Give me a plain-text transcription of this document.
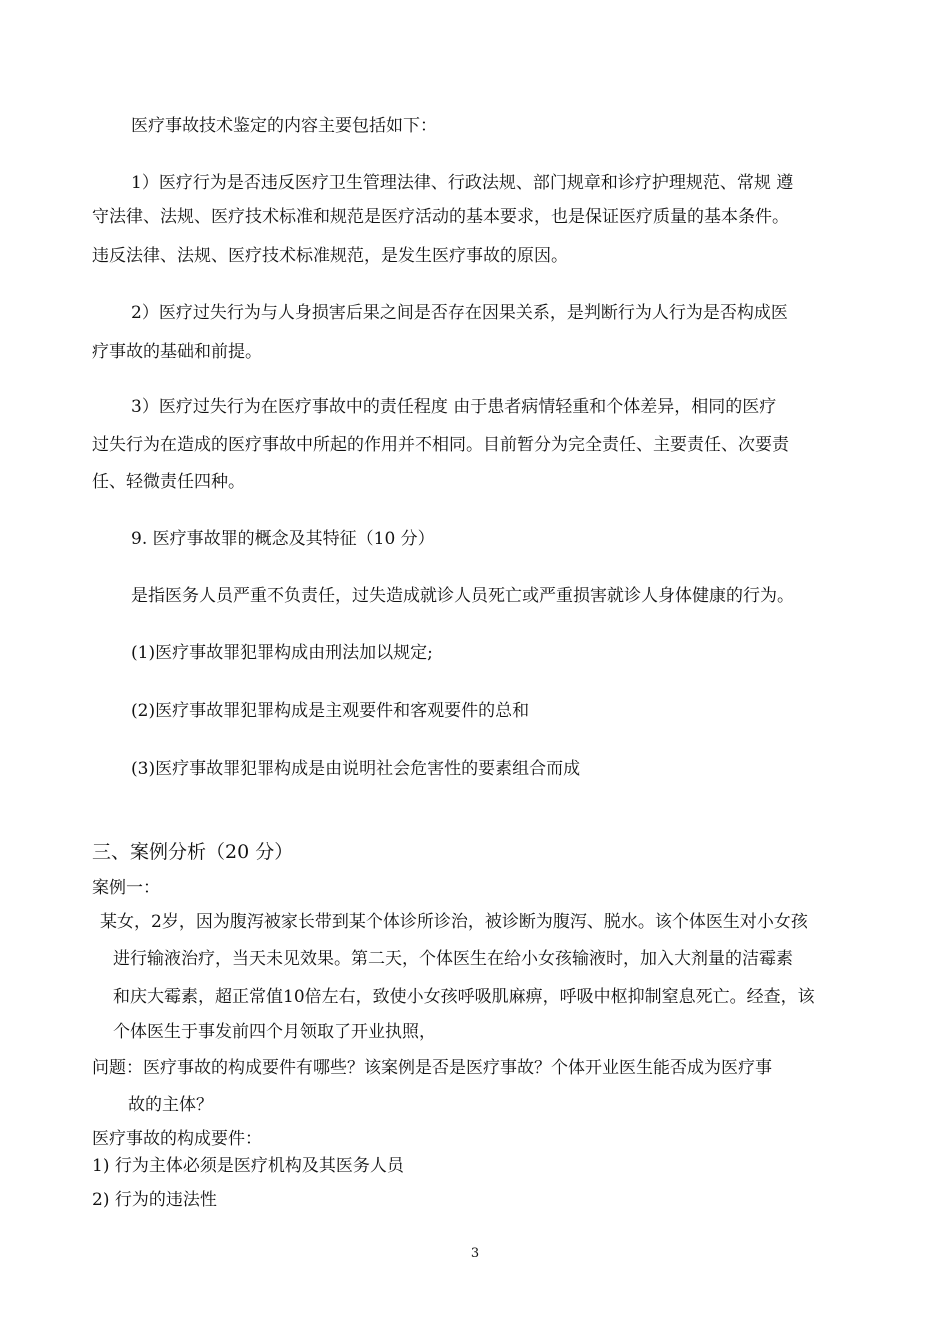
医疗事故技术鉴定的内容主要包括如下：
1）医疗行为是否违反医疗卫生管理法律、行政法规、部门规章和诊疗护理规范、常规 遵
守法律、法规、医疗技术标准和规范是医疗活动的基本要求，也是保证医疗质量的基本条件。
违反法律、法规、医疗技术标准规范，是发生医疗事故的原因。
2）医疗过失行为与人身损害后果之间是否存在因果关系，是判断行为人行为是否构成医
疗事故的基础和前提。
3）医疗过失行为在医疗事故中的责任程度 由于患者病情轻重和个体差异，相同的医疗
过失行为在造成的医疗事故中所起的作用并不相同。目前暂分为完全责任、主要责任、次要责
任、轻微责任四种。
9. 医疗事故罪的概念及其特征（10 分）
是指医务人员严重不负责任，过失造成就诊人员死亡或严重损害就诊人身体健康的行为。
(1)医疗事故罪犯罪构成由刑法加以规定;
(2)医疗事故罪犯罪构成是主观要件和客观要件的总和
(3)医疗事故罪犯罪构成是由说明社会危害性的要素组合而成
三、案例分析（20 分）
案例一：
某女，2岁，因为腹泻被家长带到某个体诊所诊治，被诊断为腹泻、脱水。该个体医生对小女孩
进行输液治疗，当天未见效果。第二天，个体医生在给小女孩输液时，加入大剂量的洁霉素
和庆大霉素，超正常值10倍左右，致使小女孩呼吸肌麻痹，呼吸中枢抑制窒息死亡。经查，该
个体医生于事发前四个月领取了开业执照，
问题：医疗事故的构成要件有哪些？该案例是否是医疗事故？个体开业医生能否成为医疗事
故的主体？
医疗事故的构成要件：
1) 行为主体必须是医疗机构及其医务人员
2) 行为的违法性
3
